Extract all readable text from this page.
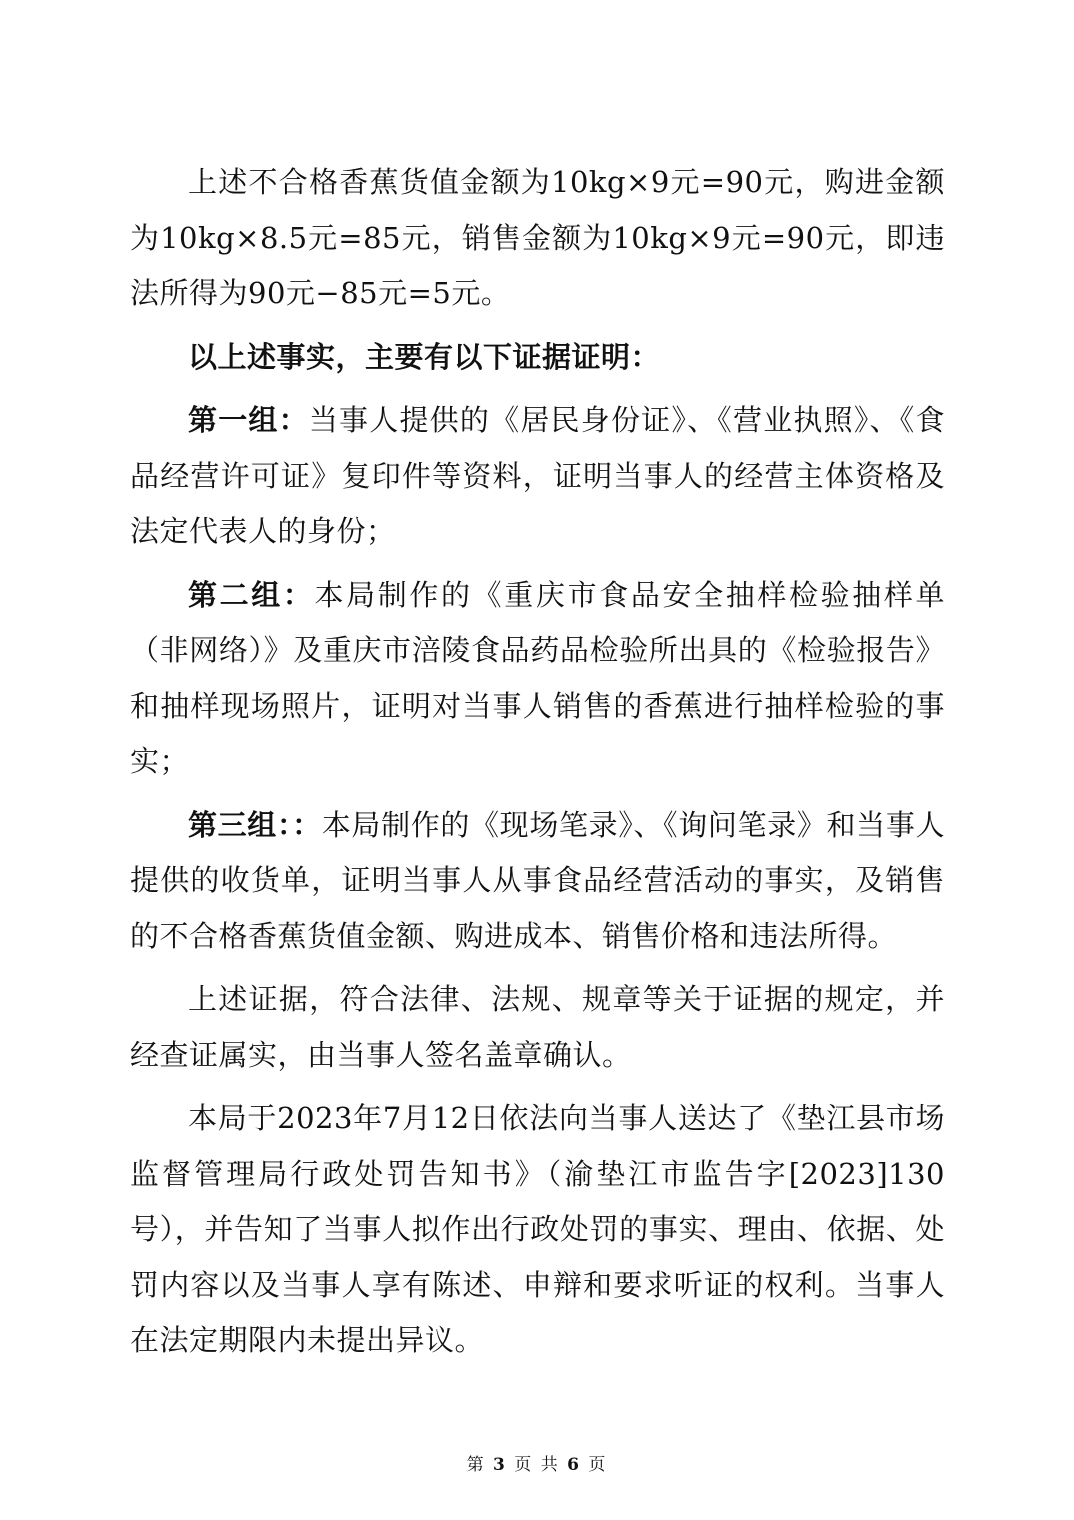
上述不合格香蕉货值金额为10kg×9元=90元，购进金额为10kg×8.5元=85元，销售金额为10kg×9元=90元，即违法所得为90元−85元=5元。

以上述事实，主要有以下证据证明：

第一组：当事人提供的《居民身份证》、《营业执照》、《食品经营许可证》复印件等资料，证明当事人的经营主体资格及法定代表人的身份；

第二组：本局制作的《重庆市食品安全抽样检验抽样单（非网络）》及重庆市涪陵食品药品检验所出具的《检验报告》和抽样现场照片，证明对当事人销售的香蕉进行抽样检验的事实；

第三组：：本局制作的《现场笔录》、《询问笔录》和当事人提供的收货单，证明当事人从事食品经营活动的事实，及销售的不合格香蕉货值金额、购进成本、销售价格和违法所得。

上述证据，符合法律、法规、规章等关于证据的规定，并经查证属实，由当事人签名盖章确认。

本局于2023年7月12日依法向当事人送达了《垫江县市场监督管理局行政处罚告知书》（渝垫江市监告字[2023]130号），并告知了当事人拟作出行政处罚的事实、理由、依据、处罚内容以及当事人享有陈述、申辩和要求听证的权利。当事人在法定期限内未提出异议。

第 3 页 共 6 页
